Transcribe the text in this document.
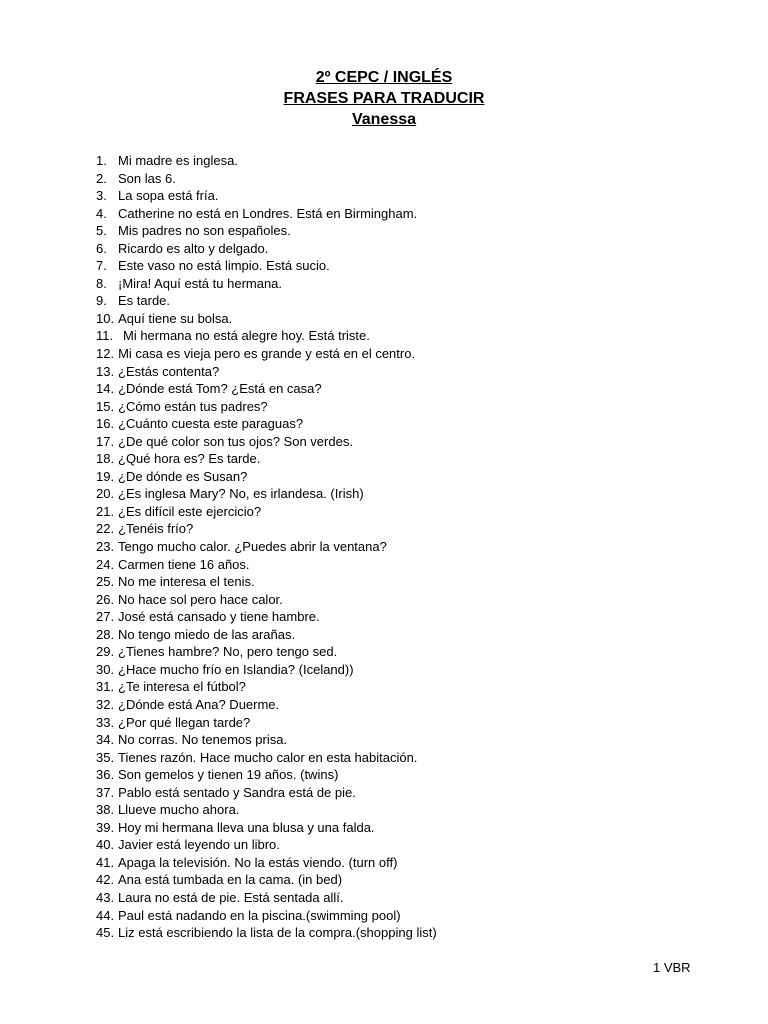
2º CEPC / INGLÉS
FRASES PARA TRADUCIR
Vanessa
1. Mi madre es inglesa.
2. Son las 6.
3. La sopa está fría.
4. Catherine no está en Londres. Está en Birmingham.
5. Mis padres no son españoles.
6. Ricardo es alto y delgado.
7. Este vaso no está limpio. Está sucio.
8. ¡Mira! Aquí está tu hermana.
9. Es tarde.
10. Aquí tiene su bolsa.
11. Mi hermana no está alegre hoy. Está triste.
12. Mi casa es vieja pero es grande y está en el centro.
13. ¿Estás contenta?
14. ¿Dónde está Tom? ¿Está en casa?
15. ¿Cómo están tus padres?
16. ¿Cuánto cuesta este paraguas?
17. ¿De qué color son tus ojos? Son verdes.
18. ¿Qué hora es? Es tarde.
19. ¿De dónde es Susan?
20. ¿Es inglesa Mary? No, es irlandesa. (Irish)
21. ¿Es difícil este ejercicio?
22. ¿Tenéis frío?
23. Tengo mucho calor. ¿Puedes abrir la ventana?
24. Carmen tiene 16 años.
25. No me interesa el tenis.
26. No hace sol pero hace calor.
27. José está cansado y tiene hambre.
28. No tengo miedo de las arañas.
29. ¿Tienes hambre? No, pero tengo sed.
30. ¿Hace mucho frío en Islandia? (Iceland))
31. ¿Te interesa el fútbol?
32. ¿Dónde está Ana? Duerme.
33. ¿Por qué llegan tarde?
34. No corras. No tenemos prisa.
35. Tienes razón. Hace mucho calor en esta habitación.
36. Son gemelos y tienen 19 años. (twins)
37. Pablo está sentado y Sandra está de pie.
38. Llueve mucho ahora.
39. Hoy mi hermana lleva una blusa y una falda.
40. Javier está leyendo un libro.
41. Apaga la televisión. No la estás viendo. (turn off)
42. Ana está tumbada en la cama. (in bed)
43. Laura no está de pie. Está sentada allí.
44. Paul está nadando en la piscina.(swimming pool)
45. Liz está escribiendo la lista de la compra.(shopping list)
1 VBR
